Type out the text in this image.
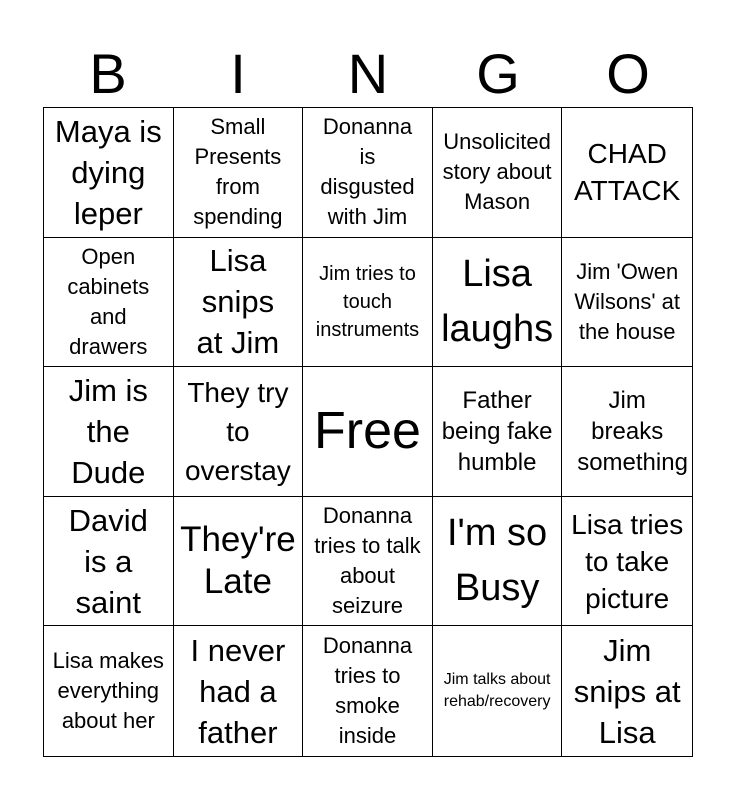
B	I	N	G	O
Maya is dying leper
Small Presents from spending
Donanna is disgusted with Jim
Unsolicited story about Mason
CHAD ATTACK
Open cabinets and drawers
Lisa snips at Jim
Jim tries to touch instruments
Lisa laughs
Jim 'Owen Wilsons' at the house
Jim is the Dude
They try to overstay
Free
Father being fake humble
Jim breaks something
David is a saint
They're Late
Donanna tries to talk about seizure
I'm so Busy
Lisa tries to take picture
Lisa makes everything about her
I never had a father
Donanna tries to smoke inside
Jim talks about rehab/recovery
Jim snips at Lisa
